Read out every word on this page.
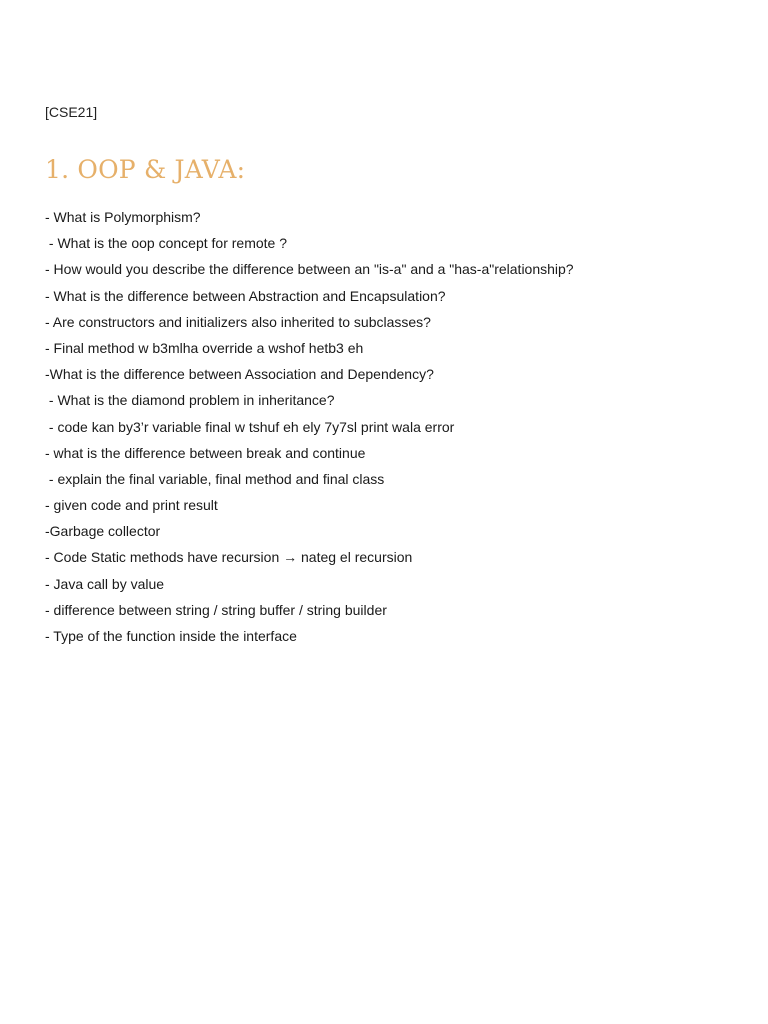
[CSE21]
1. OOP & JAVA:
- What is Polymorphism?
- What is the oop concept for remote ?
- How would you describe the difference between an "is-a" and a "has-a"relationship?
- What is the difference between Abstraction and Encapsulation?
- Are constructors and initializers also inherited to subclasses?
- Final method w b3mlha override a wshof hetb3 eh
-What is the difference between Association and Dependency?
- What is the diamond problem in inheritance?
- code kan by3’r variable final w tshuf eh ely 7y7sl print wala error
- what is the difference between break and continue
- explain the final variable, final method and final class
- given code and print result
-Garbage collector
- Code Static methods have recursion → nateg el recursion
- Java call by value
- difference between string / string buffer / string builder
- Type of the function inside the interface
